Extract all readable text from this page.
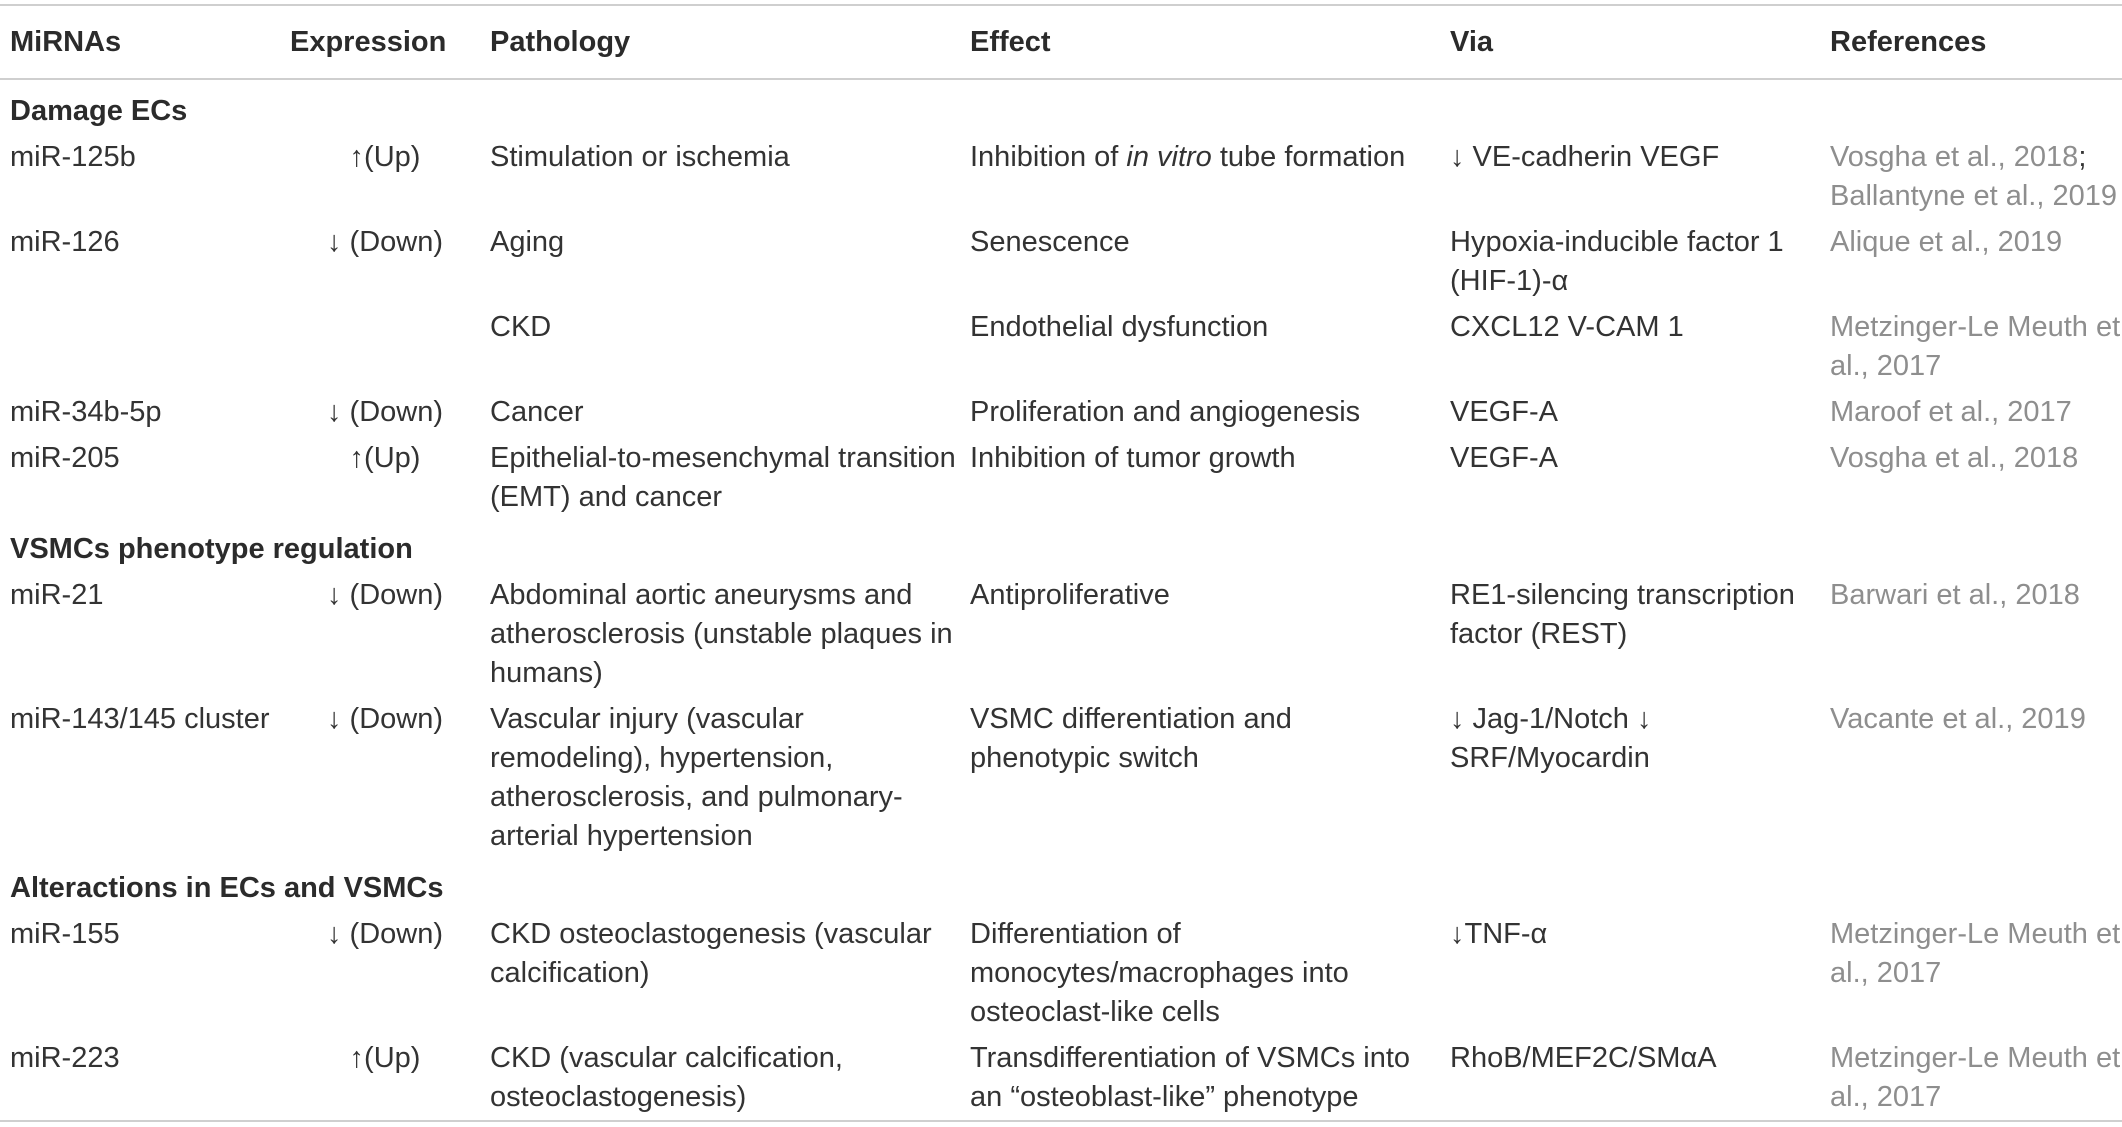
MiRNAs	Expression	Pathology	Effect	Via	References
Damage ECs					
miR-125b	↑(Up)	Stimulation or ischemia	Inhibition of in vitro tube formation	↓ VE-cadherin VEGF	Vosgha et al., 2018;
Ballantyne et al., 2019
miR-126	↓ (Down)	Aging	Senescence	Hypoxia-inducible factor 1 (HIF-1)-α	Alique et al., 2019
		CKD	Endothelial dysfunction	CXCL12 V-CAM 1	Metzinger-Le Meuth et al., 2017
miR-34b-5p	↓ (Down)	Cancer	Proliferation and angiogenesis	VEGF-A	Maroof et al., 2017
miR-205	↑(Up)	Epithelial-to-mesenchymal transition (EMT) and cancer	Inhibition of tumor growth	VEGF-A	Vosgha et al., 2018
VSMCs phenotype regulation					
miR-21	↓ (Down)	Abdominal aortic aneurysms and atherosclerosis (unstable plaques in humans)	Antiproliferative	RE1-silencing transcription factor (REST)	Barwari et al., 2018
miR-143/145 cluster	↓ (Down)	Vascular injury (vascular remodeling), hypertension, atherosclerosis, and pulmonary-arterial hypertension	VSMC differentiation and phenotypic switch	↓ Jag-1/Notch ↓ SRF/Myocardin	Vacante et al., 2019
Alteractions in ECs and VSMCs					
miR-155	↓ (Down)	CKD osteoclastogenesis (vascular calcification)	Differentiation of monocytes/macrophages into osteoclast-like cells	↓TNF-α	Metzinger-Le Meuth et al., 2017
miR-223	↑(Up)	CKD (vascular calcification, osteoclastogenesis)	Transdifferentiation of VSMCs into an “osteoblast-like” phenotype	RhoB/MEF2C/SMαA	Metzinger-Le Meuth et al., 2017
